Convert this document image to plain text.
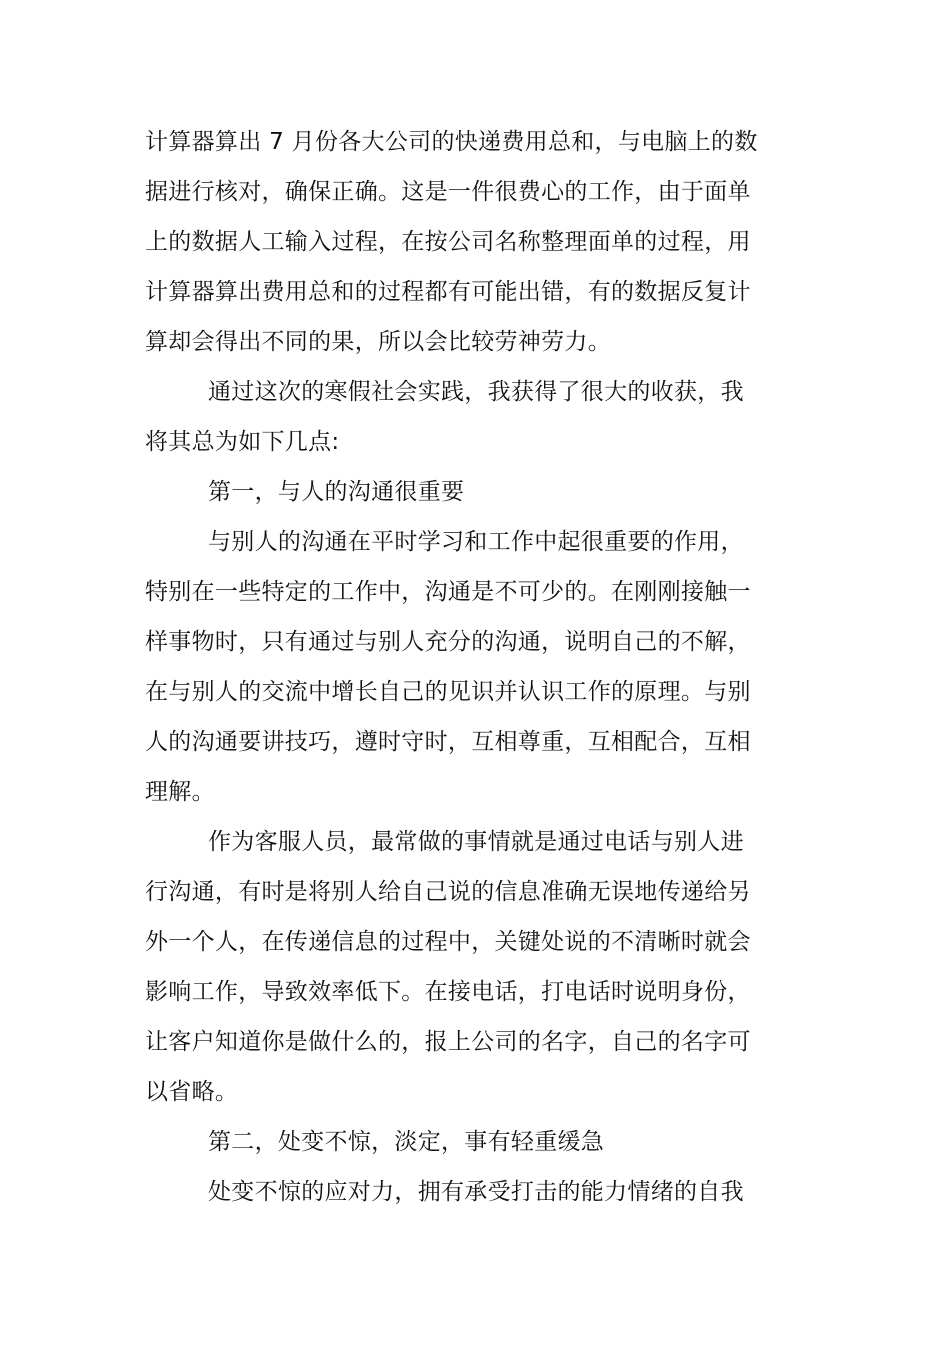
计算器算出 7 月份各大公司的快递费用总和，与电脑上的数

据进行核对，确保正确。这是一件很费心的工作，由于面单

上的数据人工输入过程，在按公司名称整理面单的过程，用

计算器算出费用总和的过程都有可能出错，有的数据反复计

算却会得出不同的果，所以会比较劳神劳力。

通过这次的寒假社会实践，我获得了很大的收获，我

将其总为如下几点:

第一，与人的沟通很重要

与别人的沟通在平时学习和工作中起很重要的作用，

特别在一些特定的工作中，沟通是不可少的。在刚刚接触一

样事物时，只有通过与别人充分的沟通，说明自己的不解，

在与别人的交流中增长自己的见识并认识工作的原理。与别

人的沟通要讲技巧，遵时守时，互相尊重，互相配合，互相

理解。

作为客服人员，最常做的事情就是通过电话与别人进

行沟通，有时是将别人给自己说的信息准确无误地传递给另

外一个人，在传递信息的过程中，关键处说的不清晰时就会

影响工作，导致效率低下。在接电话，打电话时说明身份，

让客户知道你是做什么的，报上公司的名字，自己的名字可

以省略。

第二，处变不惊，淡定，事有轻重缓急

处变不惊的应对力，拥有承受打击的能力情绪的自我
